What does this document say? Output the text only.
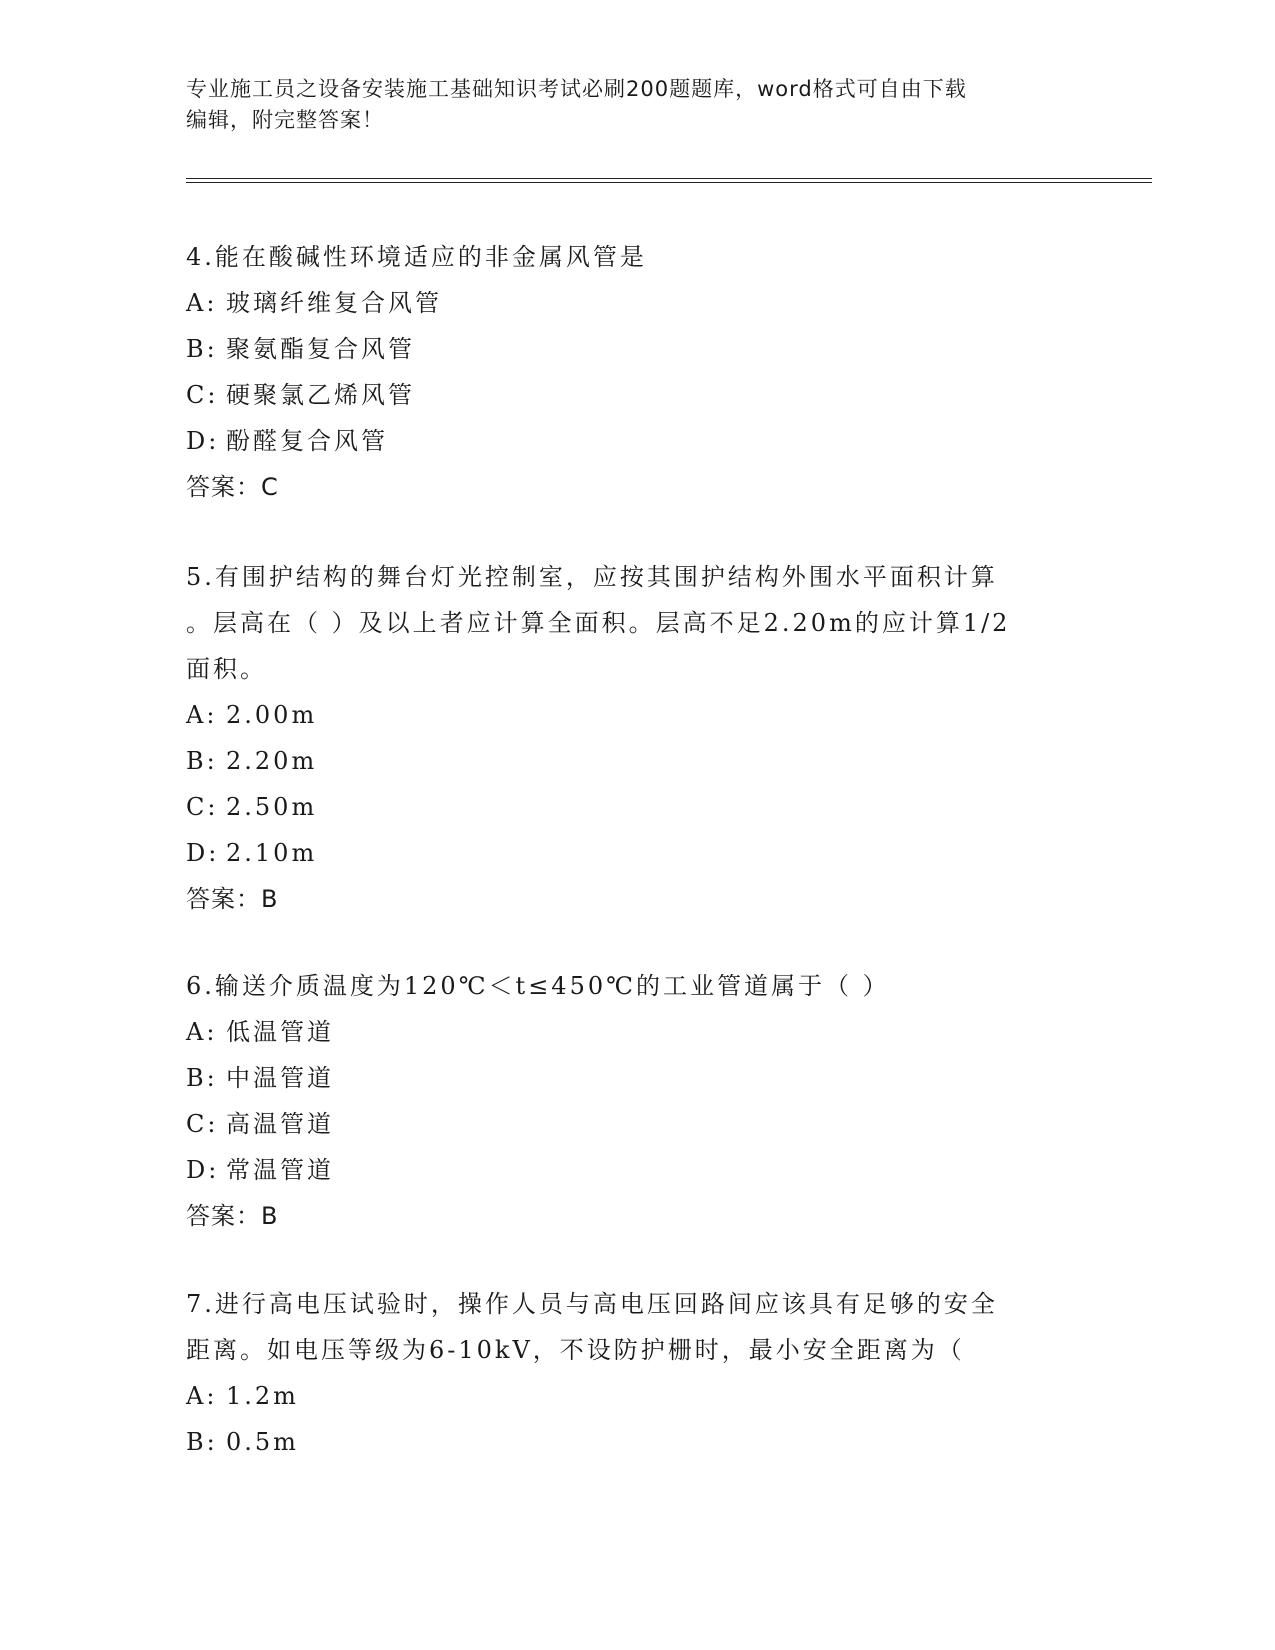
专业施工员之设备安装施工基础知识考试必刷200题题库，word格式可自由下载
编辑，附完整答案！
4.能在酸碱性环境适应的非金属风管是
A: 玻璃纤维复合风管
B: 聚氨酯复合风管
C: 硬聚氯乙烯风管
D: 酚醛复合风管
答案：C
5.有围护结构的舞台灯光控制室，应按其围护结构外围水平面积计算
。层高在（ ）及以上者应计算全面积。层高不足2.20m的应计算1/2
面积。
A: 2.00m
B: 2.20m
C: 2.50m
D: 2.10m
答案：B
6.输送介质温度为120℃＜t≤450℃的工业管道属于（ ）
A: 低温管道
B: 中温管道
C: 高温管道
D: 常温管道
答案：B
7.进行高电压试验时，操作人员与高电压回路间应该具有足够的安全
距离。如电压等级为6-10kV，不设防护栅时，最小安全距离为（
A: 1.2m
B: 0.5m
